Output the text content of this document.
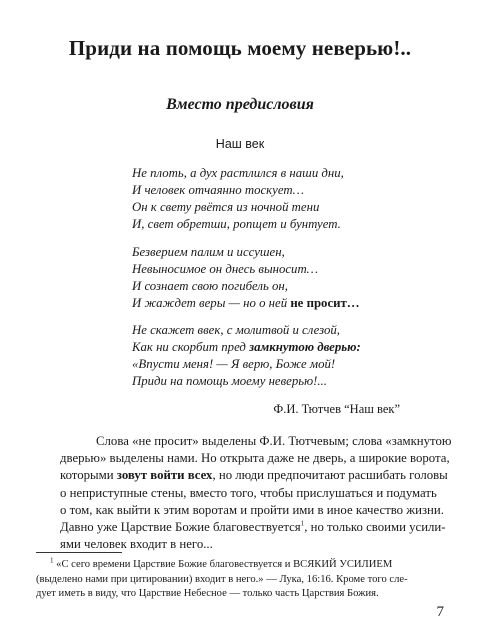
Приди на помощь моему неверью!..
Вместо предисловия
Наш век
Не плоть, а дух растлился в наши дни,
И человек отчаянно тоскует…
Он к свету рвётся из ночной тени
И, свет обретши, ропщет и бунтует.
Безверием палим и иссушен,
Невыносимое он днесь выносит…
И сознает свою погибель он,
И жаждет веры — но о ней не просит…
Не скажет ввек, с молитвой и слезой,
Как ни скорбит пред замкнутою дверью:
«Впусти меня! — Я верю, Боже мой!
Приди на помощь моему неверью!...
Ф.И. Тютчев “Наш век”
Слова «не просит» выделены Ф.И. Тютчевым; слова «замкнутою
дверью» выделены нами. Но открыта даже не дверь, а широкие ворота,
которыми зовут войти всех, но люди предпочитают расшибать головы
о неприступные стены, вместо того, чтобы прислушаться и подумать
о том, как выйти к этим воротам и пройти ими в иное качество жизни.
Давно уже Царствие Божие благовествуется$^1$, но только своими усили-
ями человек входит в него...
$^1$ «С сего времени Царствие Божие благовествуется и ВСЯКИЙ УСИЛИЕМ
(выделено нами при цитировании) входит в него.» — Лука, 16:16. Кроме того сле-
дует иметь в виду, что Царствие Небесное — только часть Царствия Божия.
7
